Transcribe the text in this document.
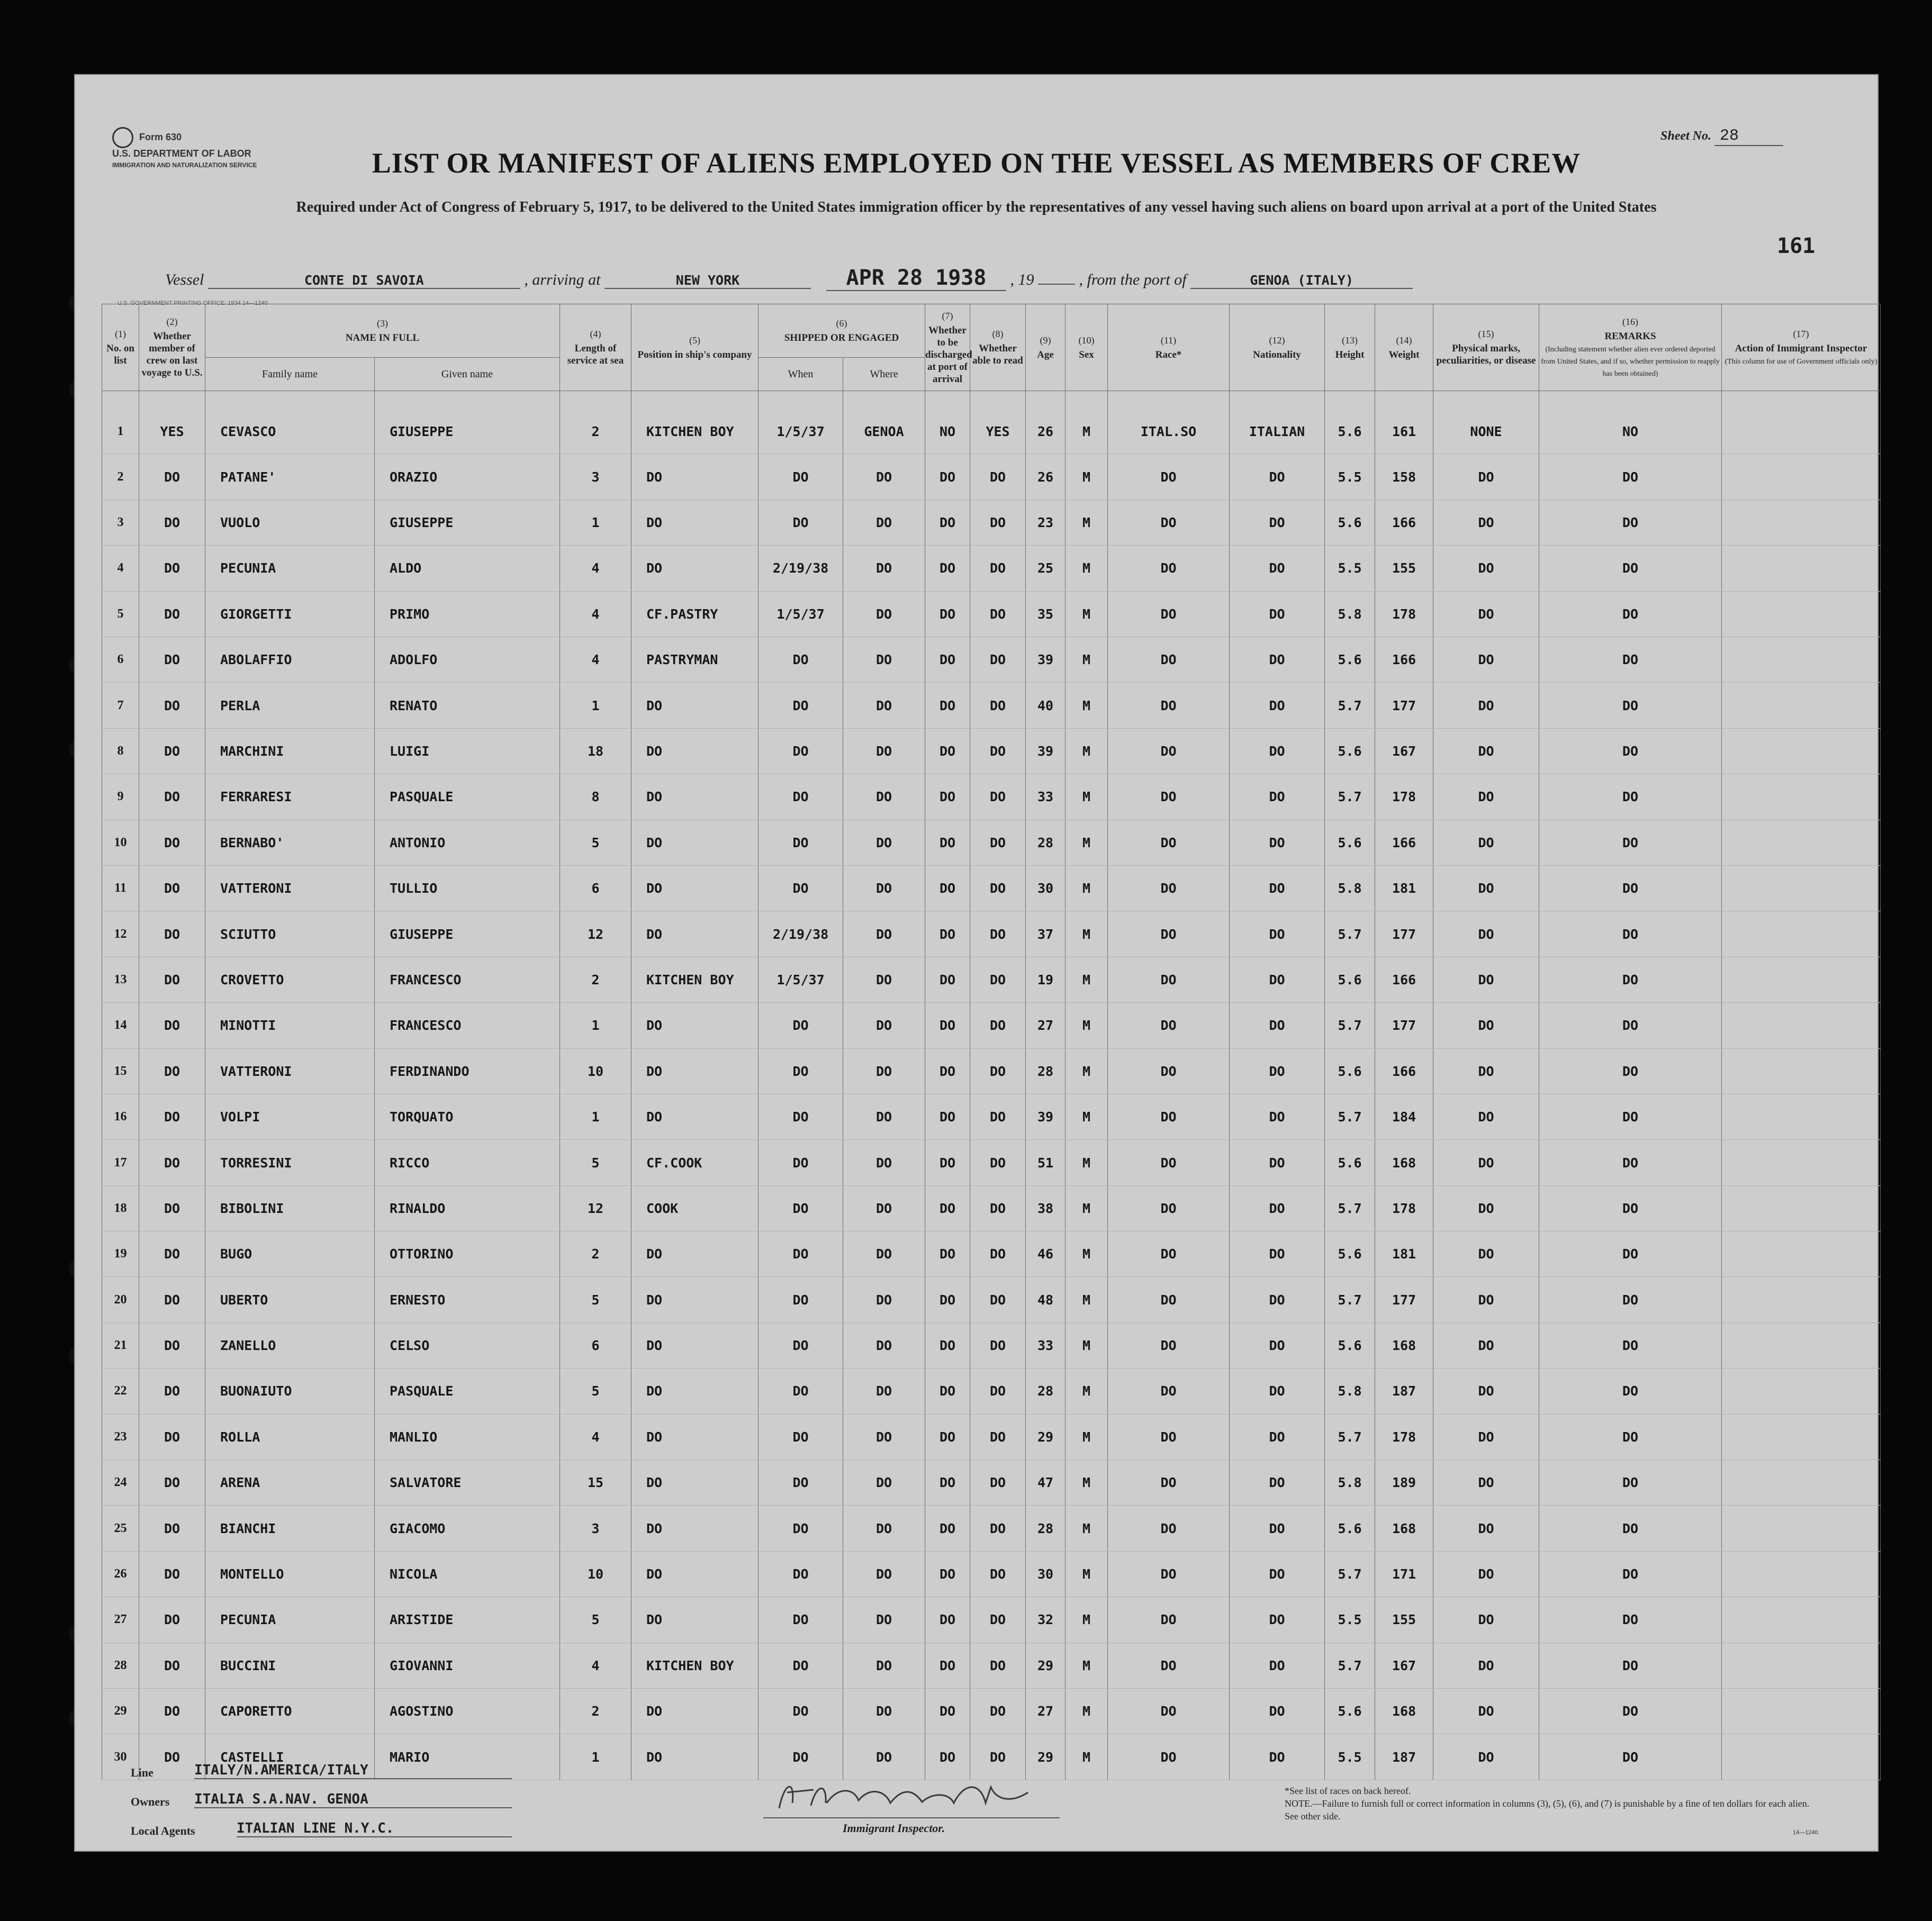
Form 630
U.S. DEPARTMENT OF LABOR
IMMIGRATION AND NATURALIZATION SERVICE
Sheet No. 28
LIST OR MANIFEST OF ALIENS EMPLOYED ON THE VESSEL AS MEMBERS OF CREW
Required under Act of Congress of February 5, 1917, to be delivered to the United States immigration officer by the representatives of any vessel having such aliens on board upon arrival at a port of the United States
161
Vessel	CONTE DI SAVOIA	, arriving at	NEW YORK	APR 28 1938 , 19	, from the port of	GENOA (ITALY)
U.S. GOVERNMENT PRINTING OFFICE: 1934 14—1240
(1)
No. on list	(2)
Whether member of crew on last voyage to U.S.	(3)
NAME IN FULL		(4)
Length of service at sea	(5)
Position in ship's company	(6)
SHIPPED OR ENGAGED		(7)
Whether to be discharged at port of arrival	(8)
Whether able to read	(9)
Age	(10)
Sex	(11)
Race*	(12)
Nationality	(13)
Height	(14)
Weight	(15)
Physical marks, peculiarities, or disease	(16)
REMARKS
(Including statement whether alien ever ordered deported from United States, and if so, whether permission to reapply has been obtained)	(17)
Action of Immigrant Inspector
(This column for use of Government officials only)
		Family name	Given name			When	Where											

1	YES	CEVASCO	GIUSEPPE	2	KITCHEN BOY	1/5/37	GENOA	NO	YES	26	M	ITAL.SO	ITALIAN	5.6	161	NONE	NO	
2	DO	PATANE'	ORAZIO	3	DO	DO	DO	DO	DO	26	M	DO	DO	5.5	158	DO	DO	
3	DO	VUOLO	GIUSEPPE	1	DO	DO	DO	DO	DO	23	M	DO	DO	5.6	166	DO	DO	
4	DO	PECUNIA	ALDO	4	DO	2/19/38	DO	DO	DO	25	M	DO	DO	5.5	155	DO	DO	
5	DO	GIORGETTI	PRIMO	4	CF.PASTRY	1/5/37	DO	DO	DO	35	M	DO	DO	5.8	178	DO	DO	
6	DO	ABOLAFFIO	ADOLFO	4	PASTRYMAN	DO	DO	DO	DO	39	M	DO	DO	5.6	166	DO	DO	
7	DO	PERLA	RENATO	1	DO	DO	DO	DO	DO	40	M	DO	DO	5.7	177	DO	DO	
8	DO	MARCHINI	LUIGI	18	DO	DO	DO	DO	DO	39	M	DO	DO	5.6	167	DO	DO	
9	DO	FERRARESI	PASQUALE	8	DO	DO	DO	DO	DO	33	M	DO	DO	5.7	178	DO	DO	
10	DO	BERNABO'	ANTONIO	5	DO	DO	DO	DO	DO	28	M	DO	DO	5.6	166	DO	DO	
11	DO	VATTERONI	TULLIO	6	DO	DO	DO	DO	DO	30	M	DO	DO	5.8	181	DO	DO	
12	DO	SCIUTTO	GIUSEPPE	12	DO	2/19/38	DO	DO	DO	37	M	DO	DO	5.7	177	DO	DO	
13	DO	CROVETTO	FRANCESCO	2	KITCHEN BOY	1/5/37	DO	DO	DO	19	M	DO	DO	5.6	166	DO	DO	
14	DO	MINOTTI	FRANCESCO	1	DO	DO	DO	DO	DO	27	M	DO	DO	5.7	177	DO	DO	
15	DO	VATTERONI	FERDINANDO	10	DO	DO	DO	DO	DO	28	M	DO	DO	5.6	166	DO	DO	
16	DO	VOLPI	TORQUATO	1	DO	DO	DO	DO	DO	39	M	DO	DO	5.7	184	DO	DO	
17	DO	TORRESINI	RICCO	5	CF.COOK	DO	DO	DO	DO	51	M	DO	DO	5.6	168	DO	DO	
18	DO	BIBOLINI	RINALDO	12	COOK	DO	DO	DO	DO	38	M	DO	DO	5.7	178	DO	DO	
19	DO	BUGO	OTTORINO	2	DO	DO	DO	DO	DO	46	M	DO	DO	5.6	181	DO	DO	
20	DO	UBERTO	ERNESTO	5	DO	DO	DO	DO	DO	48	M	DO	DO	5.7	177	DO	DO	
21	DO	ZANELLO	CELSO	6	DO	DO	DO	DO	DO	33	M	DO	DO	5.6	168	DO	DO	
22	DO	BUONAIUTO	PASQUALE	5	DO	DO	DO	DO	DO	28	M	DO	DO	5.8	187	DO	DO	
23	DO	ROLLA	MANLIO	4	DO	DO	DO	DO	DO	29	M	DO	DO	5.7	178	DO	DO	
24	DO	ARENA	SALVATORE	15	DO	DO	DO	DO	DO	47	M	DO	DO	5.8	189	DO	DO	
25	DO	BIANCHI	GIACOMO	3	DO	DO	DO	DO	DO	28	M	DO	DO	5.6	168	DO	DO	
26	DO	MONTELLO	NICOLA	10	DO	DO	DO	DO	DO	30	M	DO	DO	5.7	171	DO	DO	
27	DO	PECUNIA	ARISTIDE	5	DO	DO	DO	DO	DO	32	M	DO	DO	5.5	155	DO	DO	
28	DO	BUCCINI	GIOVANNI	4	KITCHEN BOY	DO	DO	DO	DO	29	M	DO	DO	5.7	167	DO	DO	
29	DO	CAPORETTO	AGOSTINO	2	DO	DO	DO	DO	DO	27	M	DO	DO	5.6	168	DO	DO	
30	DO	CASTELLI	MARIO	1	DO	DO	DO	DO	DO	29	M	DO	DO	5.5	187	DO	DO	
Line	ITALY/N.AMERICA/ITALY
Owners ITALIA S.A.NAV. GENOA
Local Agents	ITALIAN LINE N.Y.C.	Immigrant Inspector.
*See list of races on back hereof.
NOTE.—Failure to furnish full or correct information in columns (3), (5), (6), and (7) is punishable by a fine of ten dollars for each alien. See other side.
14—1240
